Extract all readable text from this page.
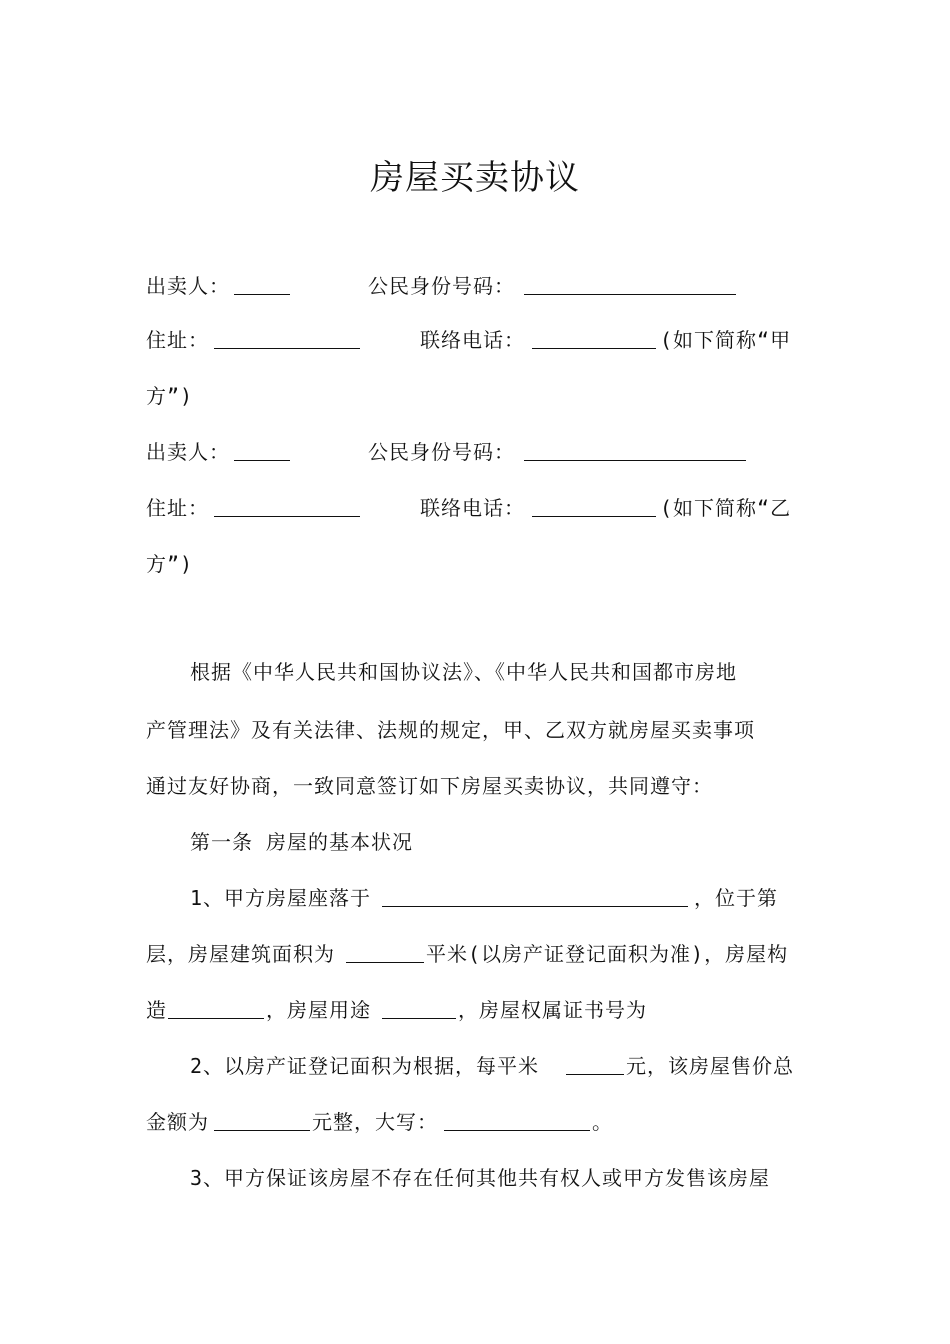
房屋买卖协议
出卖人：	公民身份号码：
住址：	联络电话：	(如下简称“甲
方”)
出卖人：	公民身份号码：
住址：	联络电话：	(如下简称“乙
方”)
根据《中华人民共和国协议法》、《中华人民共和国都市房地
产管理法》及有关法律、法规的规定，甲、乙双方就房屋买卖事项
通过友好协商，一致同意签订如下房屋买卖协议，共同遵守：
第一条 房屋的基本状况
1、甲方房屋座落于	，位于第
层，房屋建筑面积为	平米(以房产证登记面积为准)，房屋构
造	，房屋用途	，房屋权属证书号为
2、以房产证登记面积为根据，每平米	元，该房屋售价总
金额为	元整，大写：	。
3、甲方保证该房屋不存在任何其他共有权人或甲方发售该房屋
